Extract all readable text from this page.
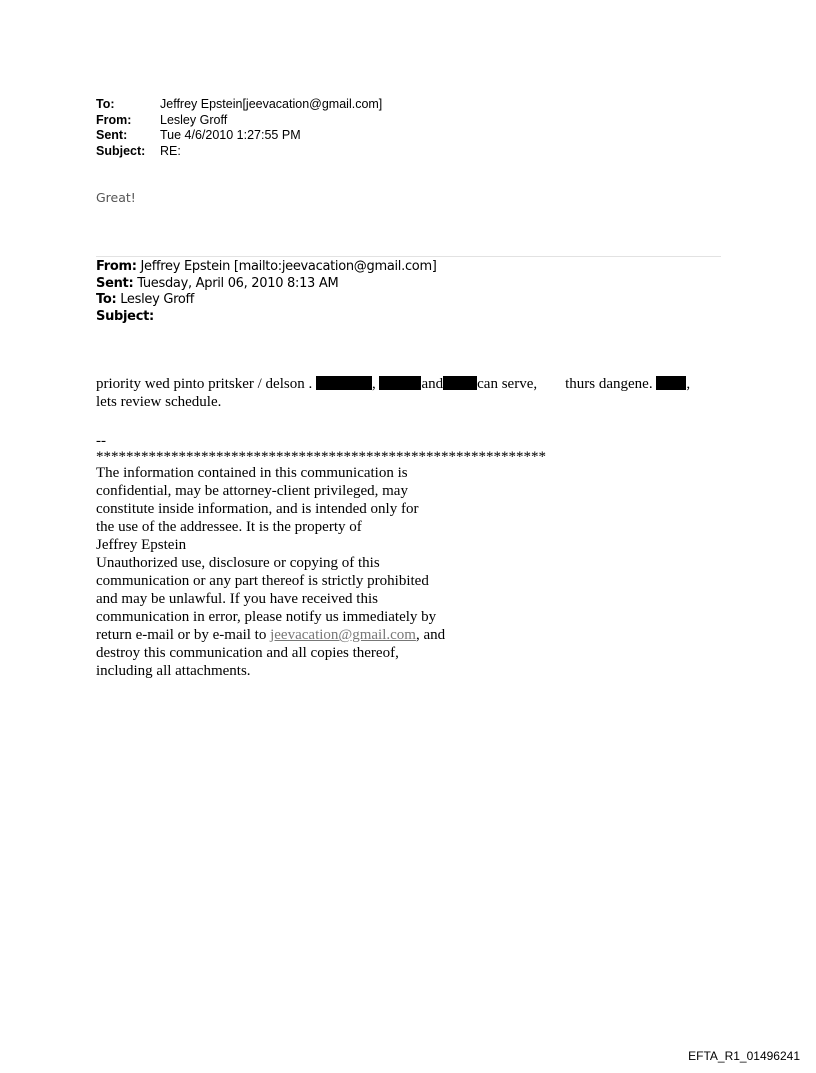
To:	Jeffrey Epstein[jeevacation@gmail.com]
From:	Lesley Groff
Sent:	Tue 4/6/2010 1:27:55 PM
Subject:	RE:
Great!
From: Jeffrey Epstein [mailto:jeevacation@gmail.com]
Sent: Tuesday, April 06, 2010 8:13 AM
To: Lesley Groff
Subject:
priority wed pinto pritsker / delson .	,	and can serve, thurs dangene. ,
lets review schedule.
--
************************************************************
The information contained in this communication is
confidential, may be attorney-client privileged, may
constitute inside information, and is intended only for
the use of the addressee. It is the property of
Jeffrey Epstein
Unauthorized use, disclosure or copying of this
communication or any part thereof is strictly prohibited
and may be unlawful. If you have received this
communication in error, please notify us immediately by
return e-mail or by e-mail to jeevacation@gmail.com, and
destroy this communication and all copies thereof,
including all attachments.
EFTA_R1_01496241
